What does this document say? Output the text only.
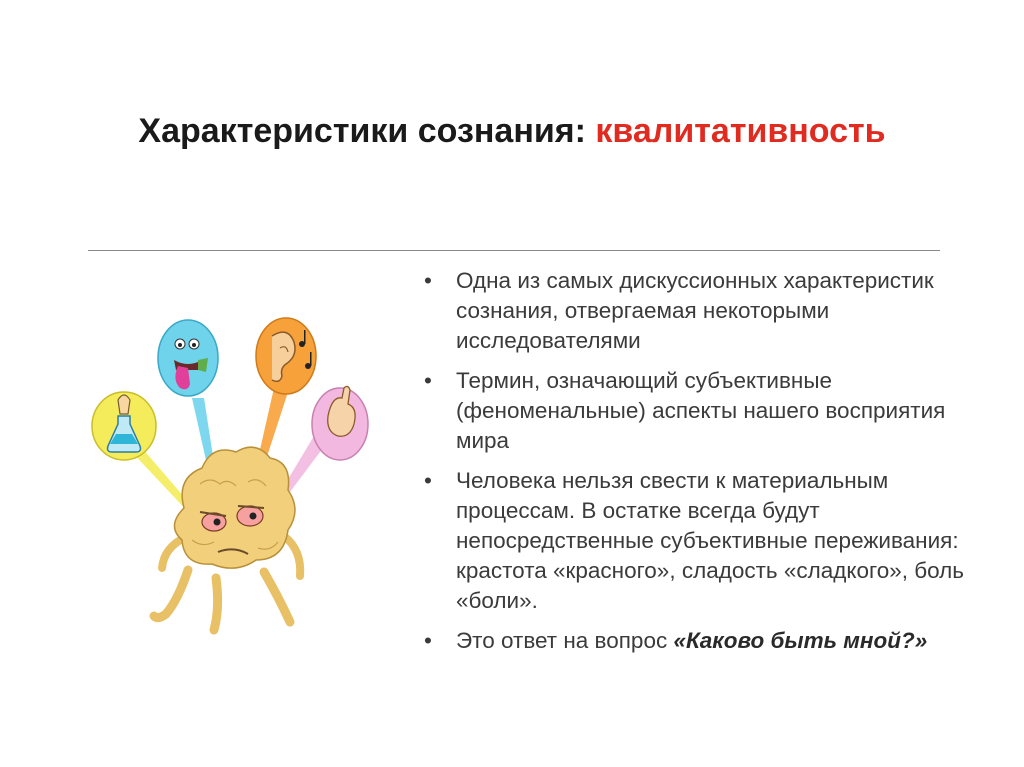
Характеристики сознания: квалитативность
• Одна из самых дискуссионных характеристик сознания, отвергаемая некоторыми исследователями
• Термин, означающий субъективные (феноменальные) аспекты нашего восприятия мира
• Человека нельзя свести к материальным процессам. В остатке всегда будут непосредственные субъективные переживания: крастота «красного», сладость «сладкого», боль «боли».
• Это ответ на вопрос «Каково быть мной?»
